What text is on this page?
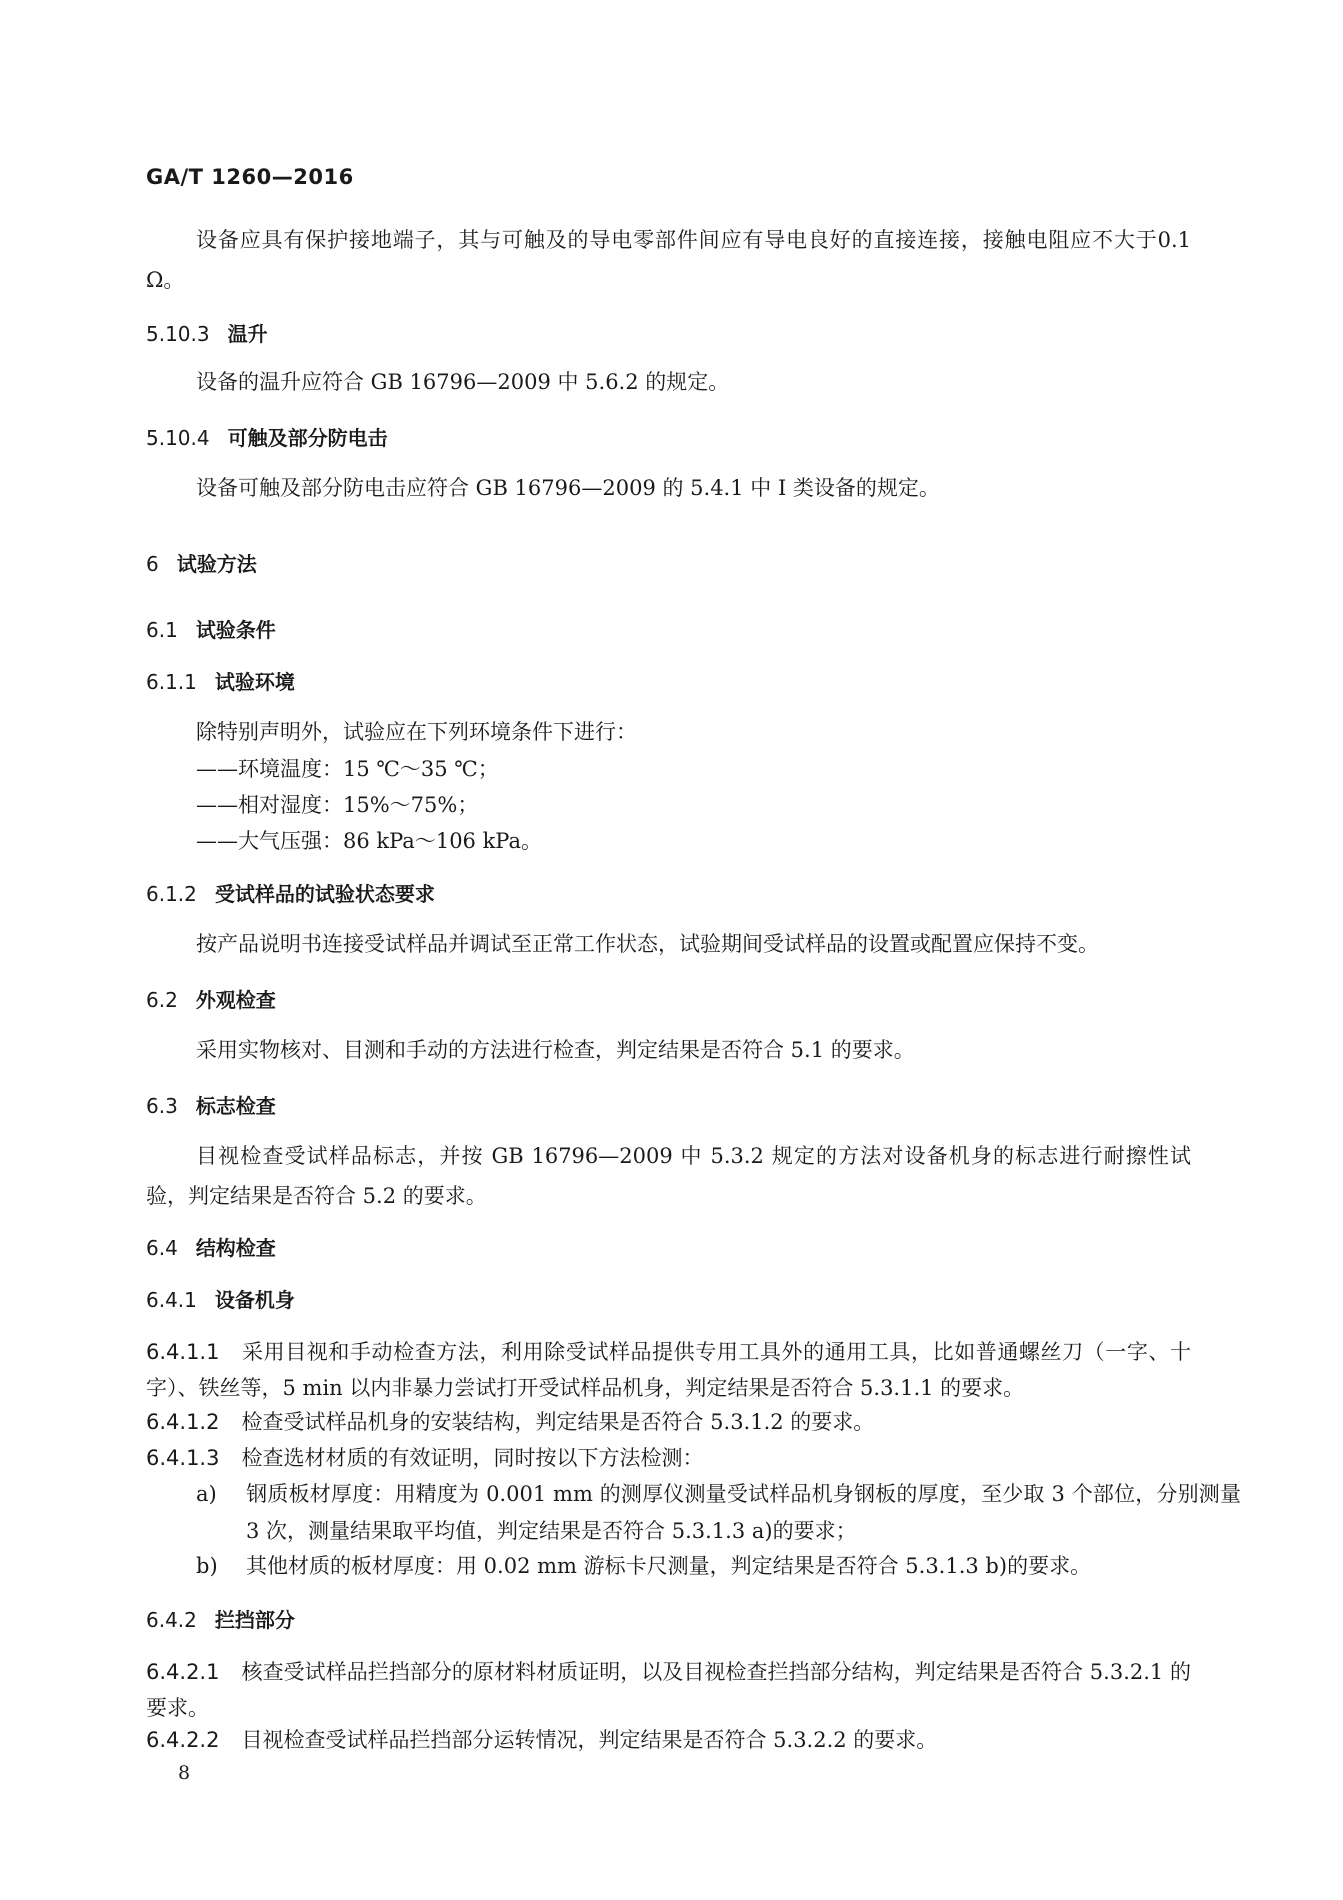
GA/T 1260—2016

设备应具有保护接地端子，其与可触及的导电零部件间应有导电良好的直接连接，接触电阻应不大于0.1 Ω。

5.10.3 温升

设备的温升应符合 GB 16796—2009 中 5.6.2 的规定。

5.10.4 可触及部分防电击

设备可触及部分防电击应符合 GB 16796—2009 的 5.4.1 中 Ⅰ 类设备的规定。

6 试验方法
6.1 试验条件
6.1.1 试验环境

除特别声明外，试验应在下列环境条件下进行：

——环境温度：15 ℃～35 ℃；
——相对湿度：15%～75%；
——大气压强：86 kPa～106 kPa。
6.1.2 受试样品的试验状态要求

按产品说明书连接受试样品并调试至正常工作状态，试验期间受试样品的设置或配置应保持不变。

6.2 外观检查

采用实物核对、目测和手动的方法进行检查，判定结果是否符合 5.1 的要求。

6.3 标志检查

目视检查受试样品标志，并按 GB 16796—2009 中 5.3.2 规定的方法对设备机身的标志进行耐擦性试验，判定结果是否符合 5.2 的要求。

6.4 结构检查
6.4.1 设备机身

6.4.1.1 采用目视和手动检查方法，利用除受试样品提供专用工具外的通用工具，比如普通螺丝刀（一字、十字）、铁丝等，5 min 以内非暴力尝试打开受试样品机身，判定结果是否符合 5.3.1.1 的要求。

6.4.1.2 检查受试样品机身的安装结构，判定结果是否符合 5.3.1.2 的要求。

6.4.1.3 检查选材材质的有效证明，同时按以下方法检测：

a) 钢质板材厚度：用精度为 0.001 mm 的测厚仪测量受试样品机身钢板的厚度，至少取 3 个部位，分别测量 3 次，测量结果取平均值，判定结果是否符合 5.3.1.3 a)的要求；

b) 其他材质的板材厚度：用 0.02 mm 游标卡尺测量，判定结果是否符合 5.3.1.3 b)的要求。

6.4.2 拦挡部分

6.4.2.1 核查受试样品拦挡部分的原材料材质证明，以及目视检查拦挡部分结构，判定结果是否符合 5.3.2.1 的要求。

6.4.2.2 目视检查受试样品拦挡部分运转情况，判定结果是否符合 5.3.2.2 的要求。

8
